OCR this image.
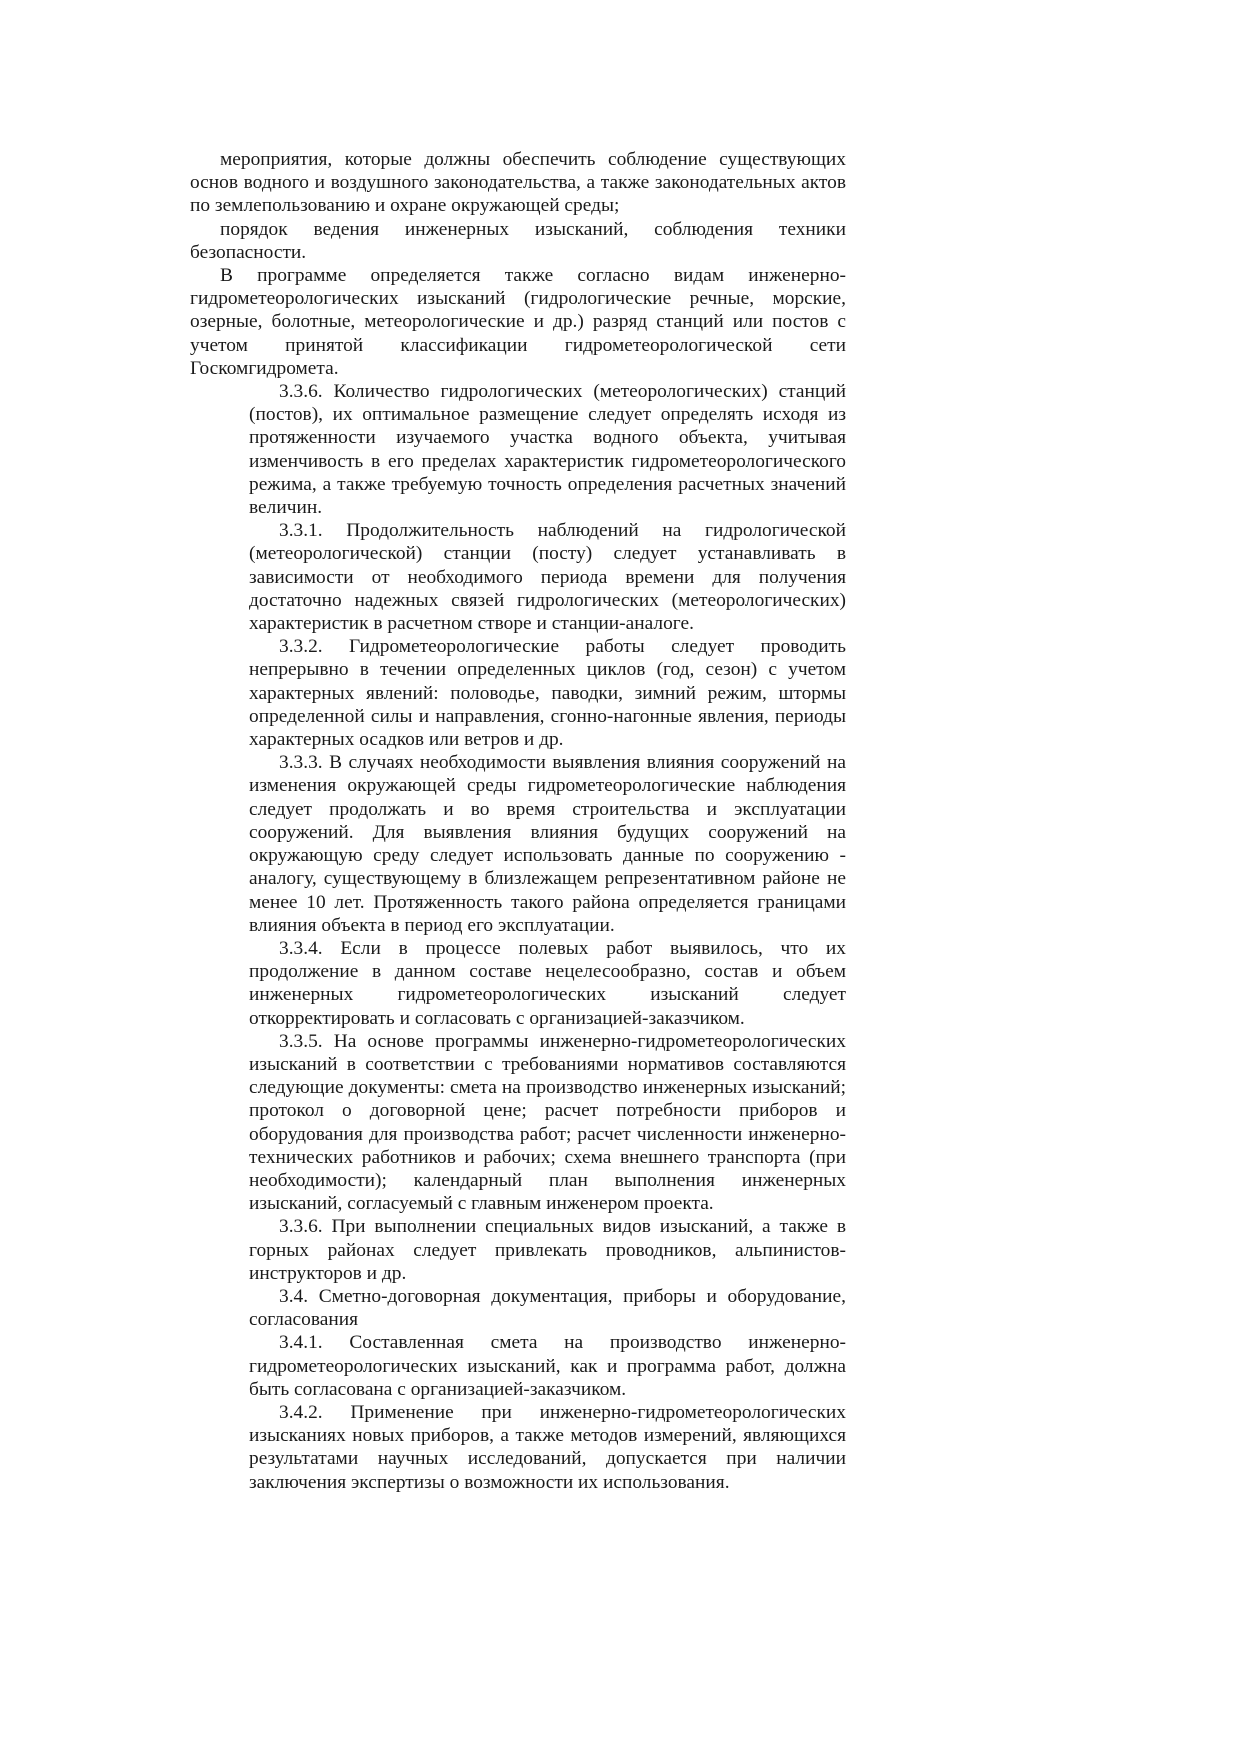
мероприятия, которые должны обеспечить соблюдение существующих основ водного и воздушного законодательства, а также законодательных актов по землепользованию и охране окружающей среды;

порядок ведения инженерных изысканий, соблюдения техники безопасности.

В программе определяется также согласно видам инженерно-гидрометеорологических изысканий (гидрологические речные, морские, озерные, болотные, метеорологические и др.) разряд станций или постов с учетом принятой классификации гидрометеорологической сети Госкомгидромета.

3.3.6. Количество гидрологических (метеорологических) станций (постов), их оптимальное размещение следует определять исходя из протяженности изучаемого участка водного объекта, учитывая изменчивость в его пределах характеристик гидрометеорологического режима, а также требуемую точность определения расчетных значений величин.

3.3.1. Продолжительность наблюдений на гидрологической (метеорологической) станции (посту) следует устанавливать в зависимости от необходимого периода времени для получения достаточно надежных связей гидрологических (метеорологических) характеристик в расчетном створе и станции-аналоге.

3.3.2. Гидрометеорологические работы следует проводить непрерывно в течении определенных циклов (год, сезон) с учетом характерных явлений: половодье, паводки, зимний режим, штормы определенной силы и направления, сгонно-нагонные явления, периоды характерных осадков или ветров и др.

3.3.3. В случаях необходимости выявления влияния сооружений на изменения окружающей среды гидрометеорологические наблюдения следует продолжать и во время строительства и эксплуатации сооружений. Для выявления влияния будущих сооружений на окружающую среду следует использовать данные по сооружению - аналогу, существующему в близлежащем репрезентативном районе не менее 10 лет. Протяженность такого района определяется границами влияния объекта в период его эксплуатации.

3.3.4. Если в процессе полевых работ выявилось, что их продолжение в данном составе нецелесообразно, состав и объем инженерных гидрометеорологических изысканий следует откорректировать и согласовать с организацией-заказчиком.

3.3.5. На основе программы инженерно-гидрометеорологических изысканий в соответствии с требованиями нормативов составляются следующие документы: смета на производство инженерных изысканий; протокол о договорной цене; расчет потребности приборов и оборудования для производства работ; расчет численности инженерно-технических работников и рабочих; схема внешнего транспорта (при необходимости); календарный план выполнения инженерных изысканий, согласуемый с главным инженером проекта.

3.3.6. При выполнении специальных видов изысканий, а также в горных районах следует привлекать проводников, альпинистов-инструкторов и др.

3.4. Сметно-договорная документация, приборы и оборудование, согласования

3.4.1. Составленная смета на производство инженерно-гидрометеорологических изысканий, как и программа работ, должна быть согласована с организацией-заказчиком.

3.4.2. Применение при инженерно-гидрометеорологических изысканиях новых приборов, а также методов измерений, являющихся результатами научных исследований, допускается при наличии заключения экспертизы о возможности их использования.
